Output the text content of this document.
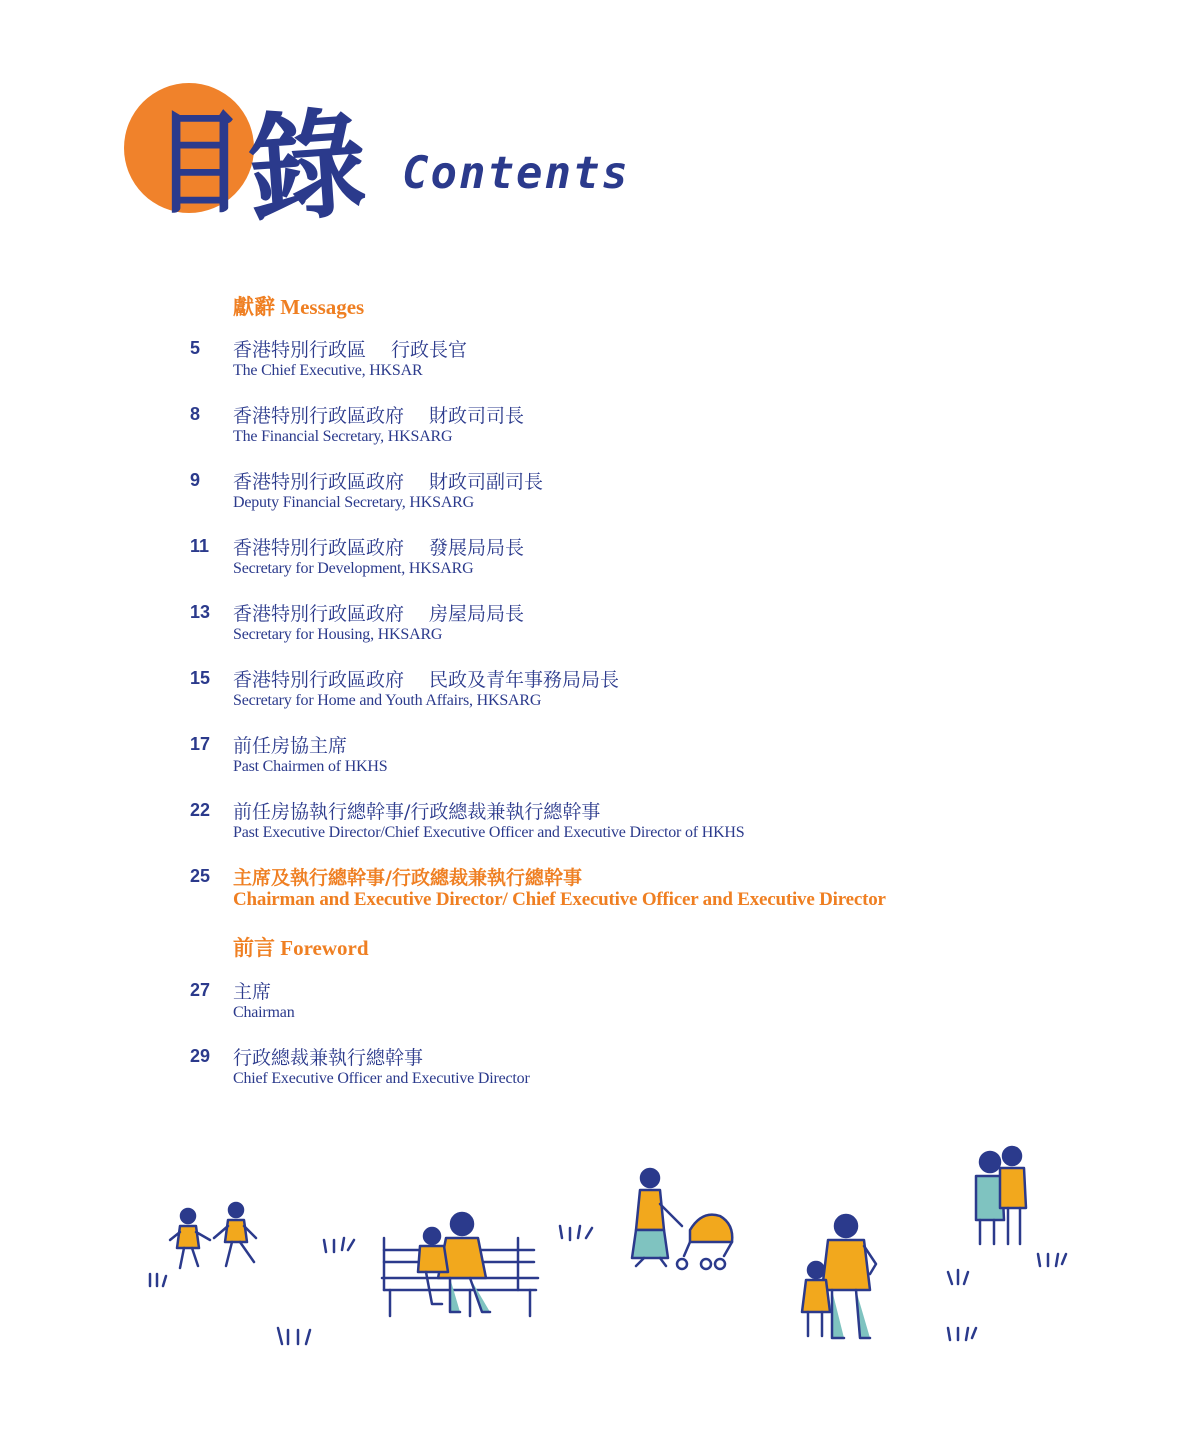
目 錄 Contents
獻辭 Messages
5 香港特別行政區　 行政長官
The Chief Executive, HKSAR
8 香港特別行政區政府　 財政司司長
The Financial Secretary, HKSARG
9 香港特別行政區政府　 財政司副司長
Deputy Financial Secretary, HKSARG
11 香港特別行政區政府　 發展局局長
Secretary for Development, HKSARG
13 香港特別行政區政府　 房屋局局長
Secretary for Housing, HKSARG
15 香港特別行政區政府　 民政及青年事務局局長
Secretary for Home and Youth Affairs, HKSARG
17 前任房協主席
Past Chairmen of HKHS
22 前任房協執行總幹事/行政總裁兼執行總幹事
Past Executive Director/Chief Executive Officer and Executive Director of HKHS
25 主席及執行總幹事/行政總裁兼執行總幹事
Chairman and Executive Director/ Chief Executive Officer and Executive Director
前言 Foreword
27 主席
Chairman
29 行政總裁兼執行總幹事
Chief Executive Officer and Executive Director
